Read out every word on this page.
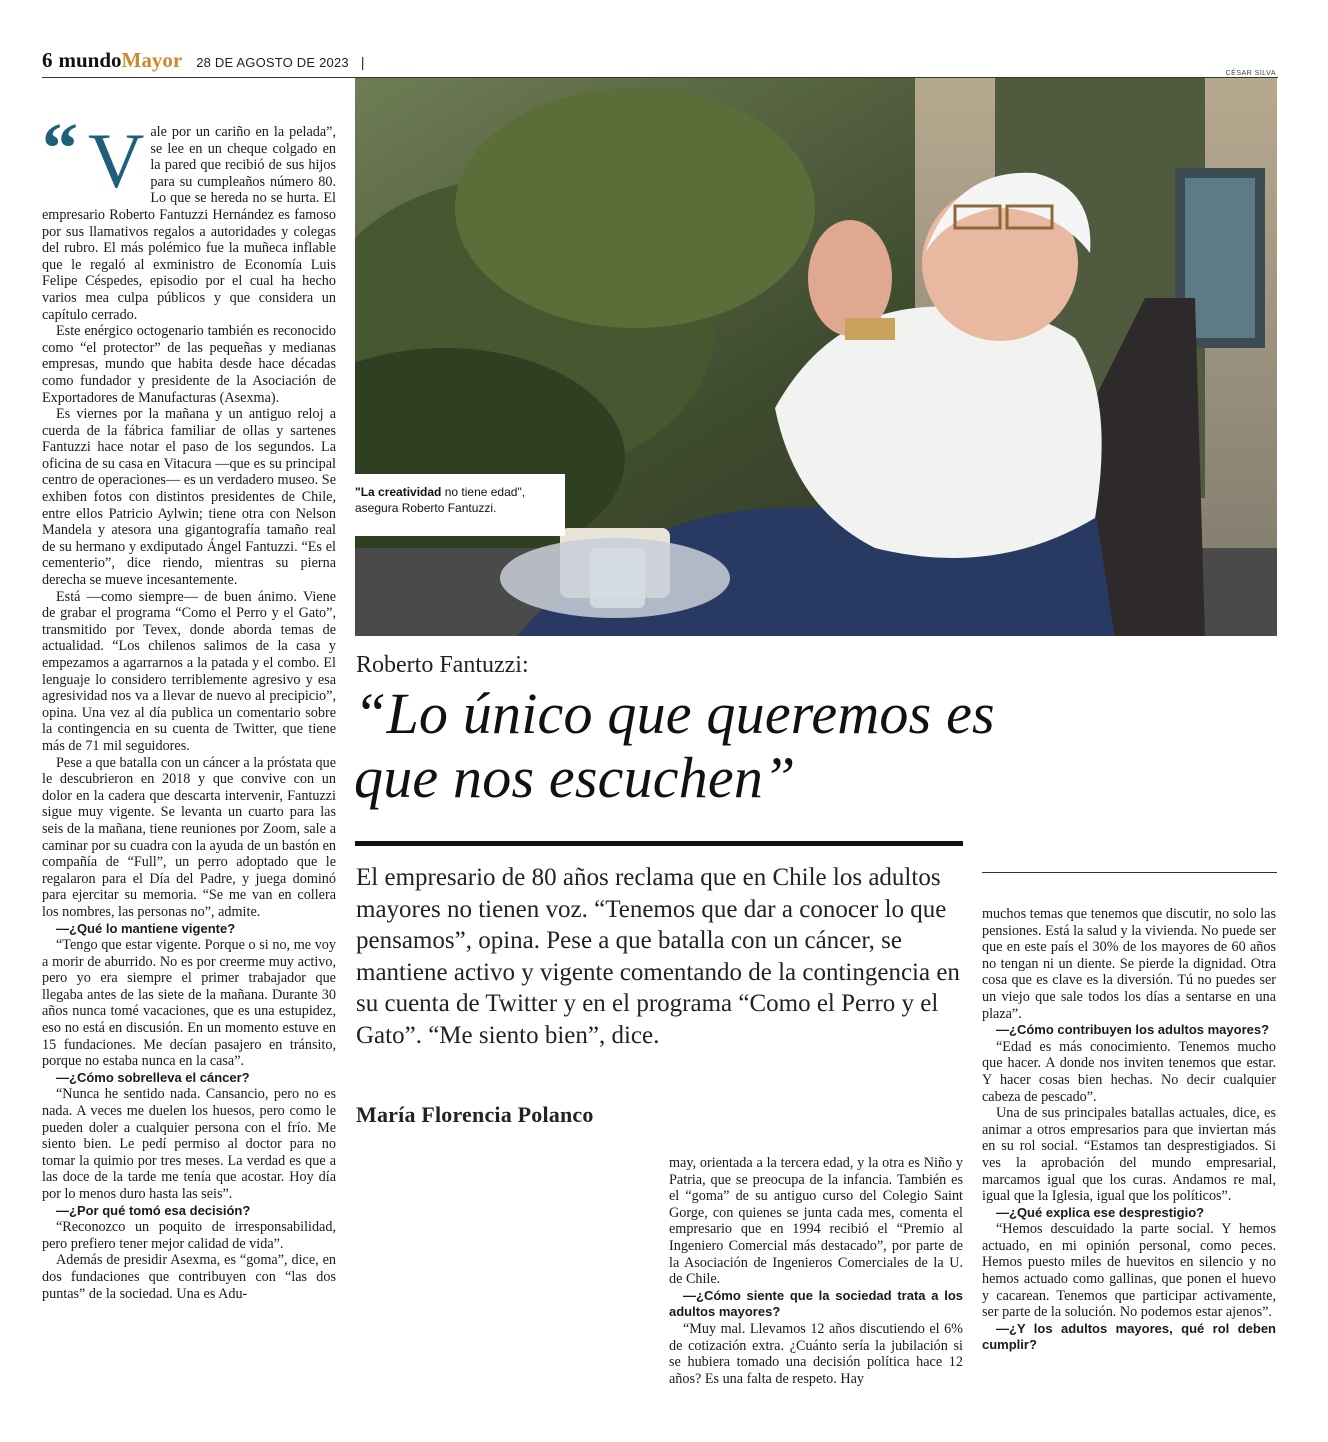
6 mundo Mayor 28 DE AGOSTO DE 2023 |
CÉSAR SILVA
“ V ale por un cariño en la pelada”, se lee en un cheque colgado en la pared que recibió de sus hijos para su cumpleaños número 80. Lo que se hereda no se hurta. El empresario Roberto Fantuzzi Hernández es famoso por sus llamativos regalos a autoridades y colegas del rubro. El más polémico fue la muñeca inflable que le regaló al exministro de Economía Luis Felipe Céspedes, episodio por el cual ha hecho varios mea culpa públicos y que considera un capítulo cerrado.

Este enérgico octogenario también es reconocido como “el protector” de las pequeñas y medianas empresas, mundo que habita desde hace décadas como fundador y presidente de la Asociación de Exportadores de Manufacturas (Asexma).

Es viernes por la mañana y un antiguo reloj a cuerda de la fábrica familiar de ollas y sartenes Fantuzzi hace notar el paso de los segundos. La oficina de su casa en Vitacura —que es su principal centro de operaciones— es un verdadero museo. Se exhiben fotos con distintos presidentes de Chile, entre ellos Patricio Aylwin; tiene otra con Nelson Mandela y atesora una gigantografía tamaño real de su hermano y exdiputado Ángel Fantuzzi. “Es el cementerio”, dice riendo, mientras su pierna derecha se mueve incesantemente.

Está —como siempre— de buen ánimo. Viene de grabar el programa “Como el Perro y el Gato”, transmitido por Tevex, donde aborda temas de actualidad. “Los chilenos salimos de la casa y empezamos a agarrarnos a la patada y el combo. El lenguaje lo considero terriblemente agresivo y esa agresividad nos va a llevar de nuevo al precipicio”, opina. Una vez al día publica un comentario sobre la contingencia en su cuenta de Twitter, que tiene más de 71 mil seguidores.

Pese a que batalla con un cáncer a la próstata que le descubrieron en 2018 y que convive con un dolor en la cadera que descarta intervenir, Fantuzzi sigue muy vigente. Se levanta un cuarto para las seis de la mañana, tiene reuniones por Zoom, sale a caminar por su cuadra con la ayuda de un bastón en compañía de “Full”, un perro adoptado que le regalaron para el Día del Padre, y juega dominó para ejercitar su memoria. “Se me van en collera los nombres, las personas no”, admite.

—¿Qué lo mantiene vigente?

“Tengo que estar vigente. Porque o si no, me voy a morir de aburrido. No es por creerme muy activo, pero yo era siempre el primer trabajador que llegaba antes de las siete de la mañana. Durante 30 años nunca tomé vacaciones, que es una estupidez, eso no está en discusión. En un momento estuve en 15 fundaciones. Me decían pasajero en tránsito, porque no estaba nunca en la casa”.

—¿Cómo sobrelleva el cáncer?

“Nunca he sentido nada. Cansancio, pero no es nada. A veces me duelen los huesos, pero como le pueden doler a cualquier persona con el frío. Me siento bien. Le pedí permiso al doctor para no tomar la quimio por tres meses. La verdad es que a las doce de la tarde me tenía que acostar. Hoy día por lo menos duro hasta las seis”.

—¿Por qué tomó esa decisión?

“Reconozco un poquito de irresponsabilidad, pero prefiero tener mejor calidad de vida”.

Además de presidir Asexma, es “goma”, dice, en dos fundaciones que contribuyen con “las dos puntas” de la sociedad. Una es Adu-

"La creatividad no tiene edad",
asegura Roberto Fantuzzi.
Roberto Fantuzzi:
“Lo único que queremos es que nos escuchen”
El empresario de 80 años reclama que en Chile los adultos mayores no tienen voz. “Tenemos que dar a conocer lo que pensamos”, opina. Pese a que batalla con un cáncer, se mantiene activo y vigente comentando de la contingencia en su cuenta de Twitter y en el programa “Como el Perro y el Gato”. “Me siento bien”, dice.
María Florencia Polanco

may, orientada a la tercera edad, y la otra es Niño y Patria, que se preocupa de la infancia. También es el “goma” de su antiguo curso del Colegio Saint Gorge, con quienes se junta cada mes, comenta el empresario que en 1994 recibió el “Premio al Ingeniero Comercial más destacado”, por parte de la Asociación de Ingenieros Comerciales de la U. de Chile.

—¿Cómo siente que la sociedad trata a los adultos mayores?

“Muy mal. Llevamos 12 años discutiendo el 6% de cotización extra. ¿Cuánto sería la jubilación si se hubiera tomado una decisión política hace 12 años? Es una falta de respeto. Hay

muchos temas que tenemos que discutir, no solo las pensiones. Está la salud y la vivienda. No puede ser que en este país el 30% de los mayores de 60 años no tengan ni un diente. Se pierde la dignidad. Otra cosa que es clave es la diversión. Tú no puedes ser un viejo que sale todos los días a sentarse en una plaza”.

—¿Cómo contribuyen los adultos mayores?

“Edad es más conocimiento. Tenemos mucho que hacer. A donde nos inviten tenemos que estar. Y hacer cosas bien hechas. No decir cualquier cabeza de pescado”.

Una de sus principales batallas actuales, dice, es animar a otros empresarios para que inviertan más en su rol social. “Estamos tan desprestigiados. Si ves la aprobación del mundo empresarial, marcamos igual que los curas. Andamos re mal, igual que la Iglesia, igual que los políticos”.

—¿Qué explica ese desprestigio?

“Hemos descuidado la parte social. Y hemos actuado, en mi opinión personal, como peces. Hemos puesto miles de huevitos en silencio y no hemos actuado como gallinas, que ponen el huevo y cacarean. Tenemos que participar activamente, ser parte de la solución. No podemos estar ajenos”.

—¿Y los adultos mayores, qué rol deben cumplir?
